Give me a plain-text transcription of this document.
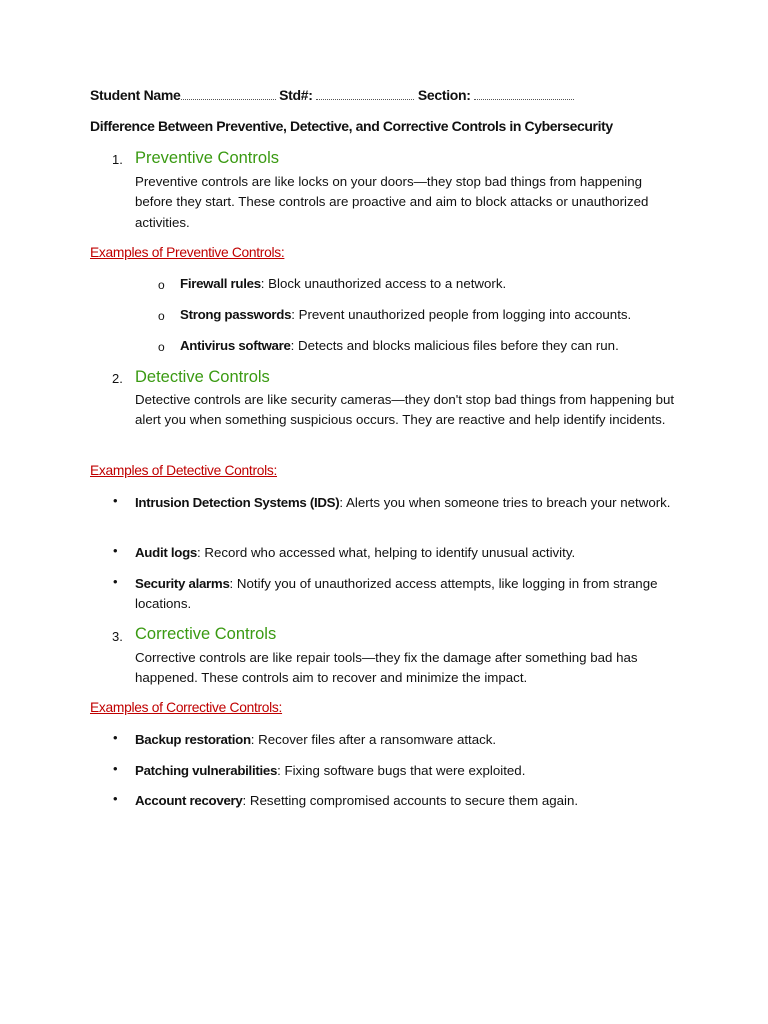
Student Name	Std#:	Section:
Difference Between Preventive, Detective, and Corrective Controls in Cybersecurity
1. Preventive Controls
Preventive controls are like locks on your doors—they stop bad things from happening before they start. These controls are proactive and aim to block attacks or unauthorized activities.
Examples of Preventive Controls:
o Firewall rules: Block unauthorized access to a network.
o Strong passwords: Prevent unauthorized people from logging into accounts.
o Antivirus software: Detects and blocks malicious files before they can run.
2. Detective Controls
Detective controls are like security cameras—they don't stop bad things from happening but alert you when something suspicious occurs. They are reactive and help identify incidents.
Examples of Detective Controls:
• Intrusion Detection Systems (IDS): Alerts you when someone tries to breach your network.
• Audit logs: Record who accessed what, helping to identify unusual activity.
• Security alarms: Notify you of unauthorized access attempts, like logging in from strange locations.
3. Corrective Controls
Corrective controls are like repair tools—they fix the damage after something bad has happened. These controls aim to recover and minimize the impact.
Examples of Corrective Controls:
• Backup restoration: Recover files after a ransomware attack.
• Patching vulnerabilities: Fixing software bugs that were exploited.
• Account recovery: Resetting compromised accounts to secure them again.
